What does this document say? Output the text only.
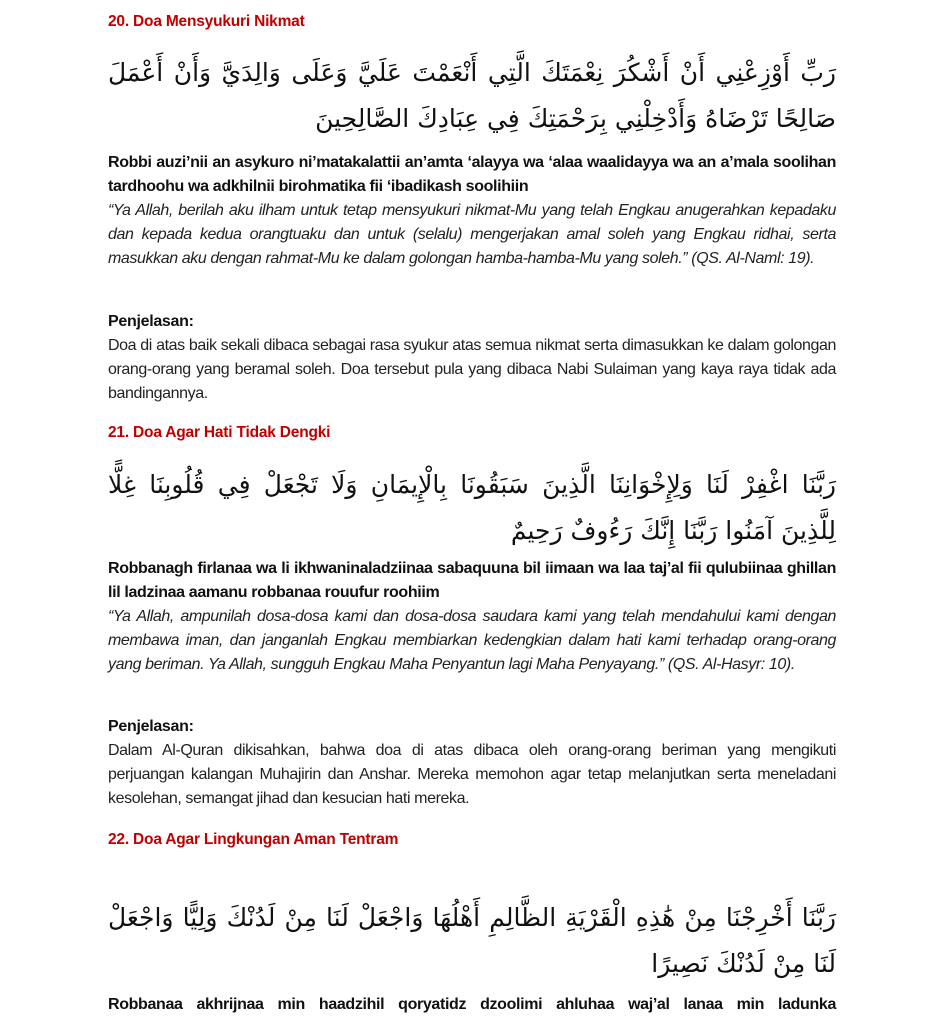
20. Doa Mensyukuri Nikmat

رَبِّ أَوْزِعْنِي أَنْ أَشْكُرَ نِعْمَتَكَ الَّتِي أَنْعَمْتَ عَلَيَّ وَعَلَى وَالِدَيَّ وَأَنْ أَعْمَلَ صَالِحًا تَرْضَاهُ وَأَدْخِلْنِي بِرَحْمَتِكَ فِي عِبَادِكَ الصَّالِحِينَ

Robbi auzi’nii an asykuro ni’matakalattii an’amta ‘alayya wa ‘alaa waalidayya wa an a’mala soolihan tardhoohu wa adkhilnii birohmatika fii ‘ibadikash soolihiin

“Ya Allah, berilah aku ilham untuk tetap mensyukuri nikmat-Mu yang telah Engkau anugerahkan kepadaku dan kepada kedua orangtuaku dan untuk (selalu) mengerjakan amal soleh yang Engkau ridhai, serta masukkan aku dengan rahmat-Mu ke dalam golongan hamba-hamba-Mu yang soleh.” (QS. Al-Naml: 19).

Penjelasan:

Doa di atas baik sekali dibaca sebagai rasa syukur atas semua nikmat serta dimasukkan ke dalam golongan orang-orang yang beramal soleh. Doa tersebut pula yang dibaca Nabi Sulaiman yang kaya raya tidak ada bandingannya.

21. Doa Agar Hati Tidak Dengki

رَبَّنَا اغْفِرْ لَنَا وَلِإِخْوَانِنَا الَّذِينَ سَبَقُونَا بِالْإِيمَانِ وَلَا تَجْعَلْ فِي قُلُوبِنَا غِلًّا لِلَّذِينَ آمَنُوا رَبَّنَا إِنَّكَ رَءُوفٌ رَحِيمٌ

Robbanagh firlanaa wa li ikhwaninaladziinaa sabaquuna bil iimaan wa laa taj’al fii qulubiinaa ghillan lil ladzinaa aamanu robbanaa rouufur roohiim

“Ya Allah, ampunilah dosa-dosa kami dan dosa-dosa saudara kami yang telah mendahului kami dengan membawa iman, dan janganlah Engkau membiarkan kedengkian dalam hati kami terhadap orang-orang yang beriman. Ya Allah, sungguh Engkau Maha Penyantun lagi Maha Penyayang.” (QS. Al-Hasyr: 10).

Penjelasan:

Dalam Al-Quran dikisahkan, bahwa doa di atas dibaca oleh orang-orang beriman yang mengikuti perjuangan kalangan Muhajirin dan Anshar. Mereka memohon agar tetap melanjutkan serta meneladani kesolehan, semangat jihad dan kesucian hati mereka.

22. Doa Agar Lingkungan Aman Tentram

رَبَّنَا أَخْرِجْنَا مِنْ هَٰذِهِ الْقَرْيَةِ الظَّالِمِ أَهْلُهَا وَاجْعَلْ لَنَا مِنْ لَدُنْكَ وَلِيًّا وَاجْعَلْ لَنَا مِنْ لَدُنْكَ نَصِيرًا

Robbanaa akhrijnaa min haadzihil qoryatidz dzoolimi ahluhaa waj’al lanaa min ladunka
